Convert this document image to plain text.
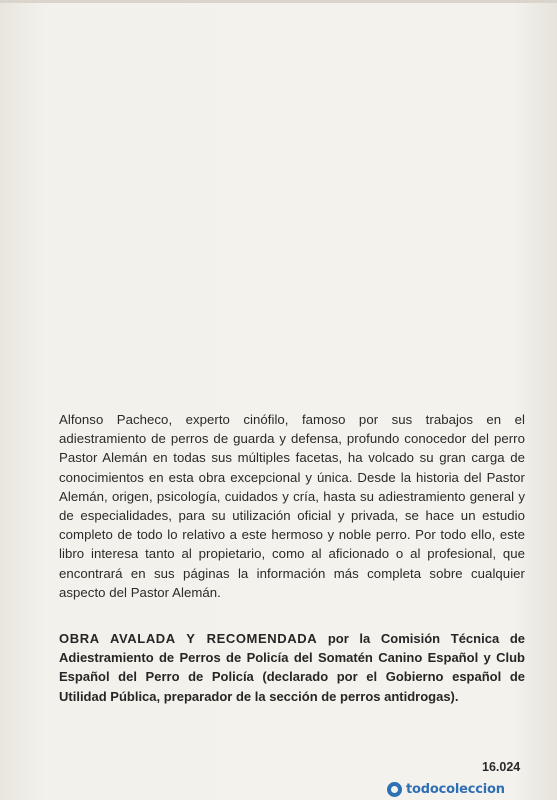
Alfonso Pacheco, experto cinófilo, famoso por sus trabajos en el adiestramiento de perros de guarda y defensa, profundo conocedor del perro Pastor Alemán en todas sus múltiples facetas, ha volcado su gran carga de conocimientos en esta obra excepcional y única. Desde la historia del Pastor Alemán, origen, psicología, cuidados y cría, hasta su adiestramiento general y de especialidades, para su utilización oficial y privada, se hace un estudio completo de todo lo relativo a este hermoso y noble perro. Por todo ello, este libro interesa tanto al propietario, como al aficionado o al profesional, que encontrará en sus páginas la información más completa sobre cualquier aspecto del Pastor Alemán.

OBRA AVALADA Y RECOMENDADA por la Comisión Técnica de Adiestramiento de Perros de Policía del Somatén Canino Español y Club Español del Perro de Policía (declarado por el Gobierno español de Utilidad Pública, preparador de la sección de perros antidrogas).

16.024
todocoleccion
